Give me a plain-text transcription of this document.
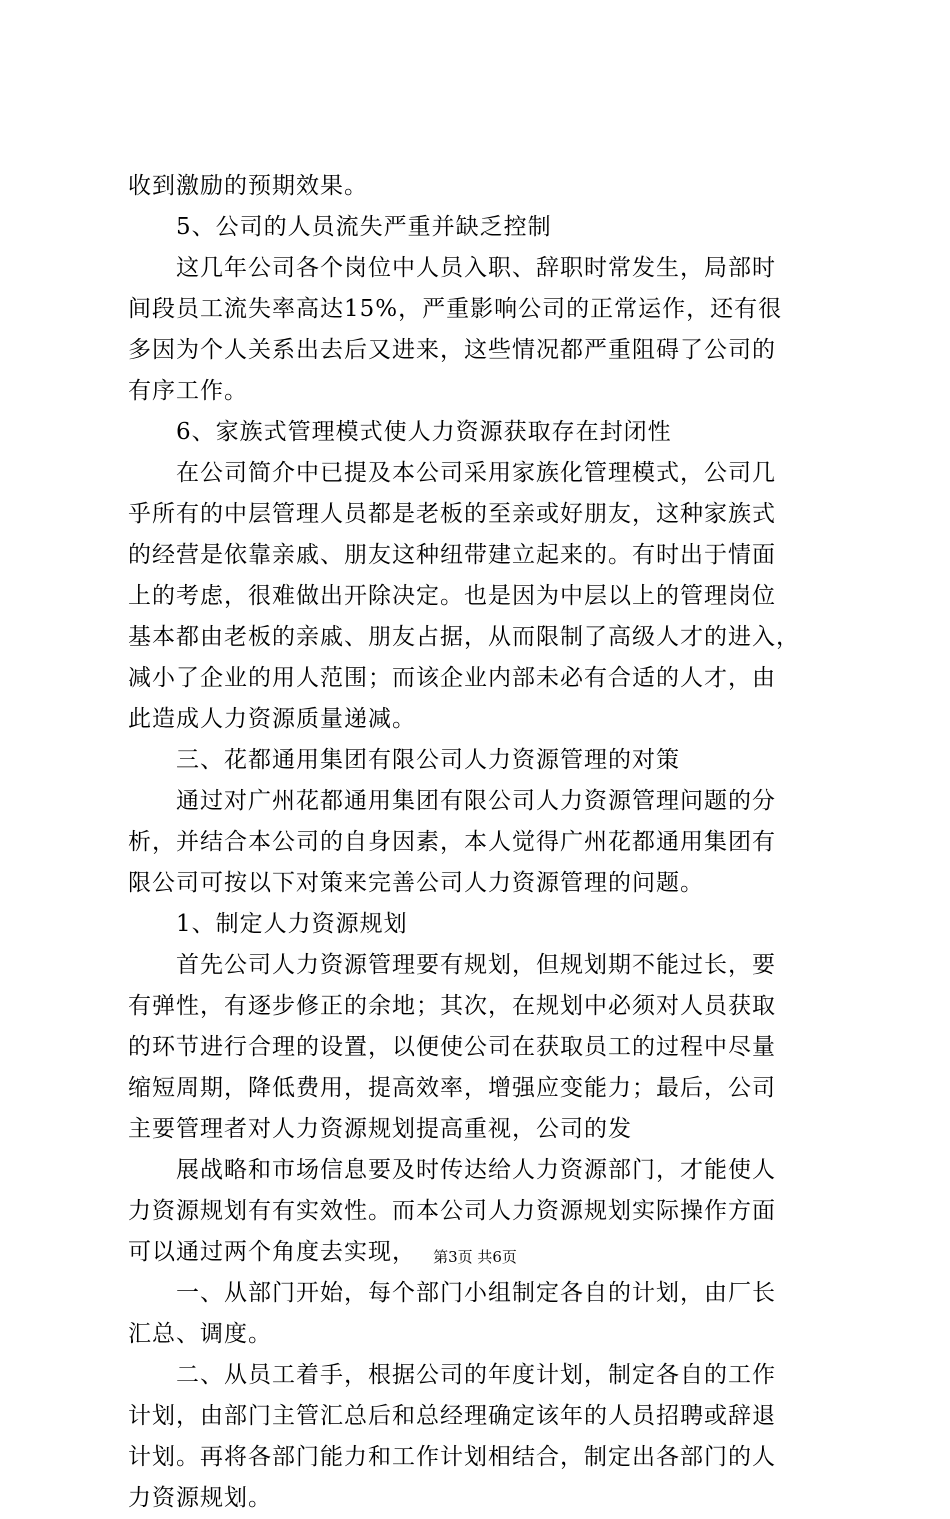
收到激励的预期效果。
　　5、公司的人员流失严重并缺乏控制
　　这几年公司各个岗位中人员入职、辞职时常发生，局部时
间段员工流失率高达15%，严重影响公司的正常运作，还有很
多因为个人关系出去后又进来，这些情况都严重阻碍了公司的
有序工作。
　　6、家族式管理模式使人力资源获取存在封闭性
　　在公司简介中已提及本公司采用家族化管理模式，公司几
乎所有的中层管理人员都是老板的至亲或好朋友，这种家族式
的经营是依靠亲戚、朋友这种纽带建立起来的。有时出于情面
上的考虑，很难做出开除决定。也是因为中层以上的管理岗位
基本都由老板的亲戚、朋友占据，从而限制了高级人才的进入，
减小了企业的用人范围；而该企业内部未必有合适的人才，由
此造成人力资源质量递减。
　　三、花都通用集团有限公司人力资源管理的对策
　　通过对广州花都通用集团有限公司人力资源管理问题的分
析，并结合本公司的自身因素，本人觉得广州花都通用集团有
限公司可按以下对策来完善公司人力资源管理的问题。
　　1、制定人力资源规划
　　首先公司人力资源管理要有规划，但规划期不能过长，要
有弹性，有逐步修正的余地；其次，在规划中必须对人员获取
的环节进行合理的设置，以便使公司在获取员工的过程中尽量
缩短周期，降低费用，提高效率，增强应变能力；最后，公司
主要管理者对人力资源规划提高重视，公司的发
　　展战略和市场信息要及时传达给人力资源部门，才能使人
力资源规划有有实效性。而本公司人力资源规划实际操作方面
可以通过两个角度去实现，
　　一、从部门开始，每个部门小组制定各自的计划，由厂长
汇总、调度。
　　二、从员工着手，根据公司的年度计划，制定各自的工作
计划，由部门主管汇总后和总经理确定该年的人员招聘或辞退
计划。再将各部门能力和工作计划相结合，制定出各部门的人
力资源规划。
第3页 共6页
